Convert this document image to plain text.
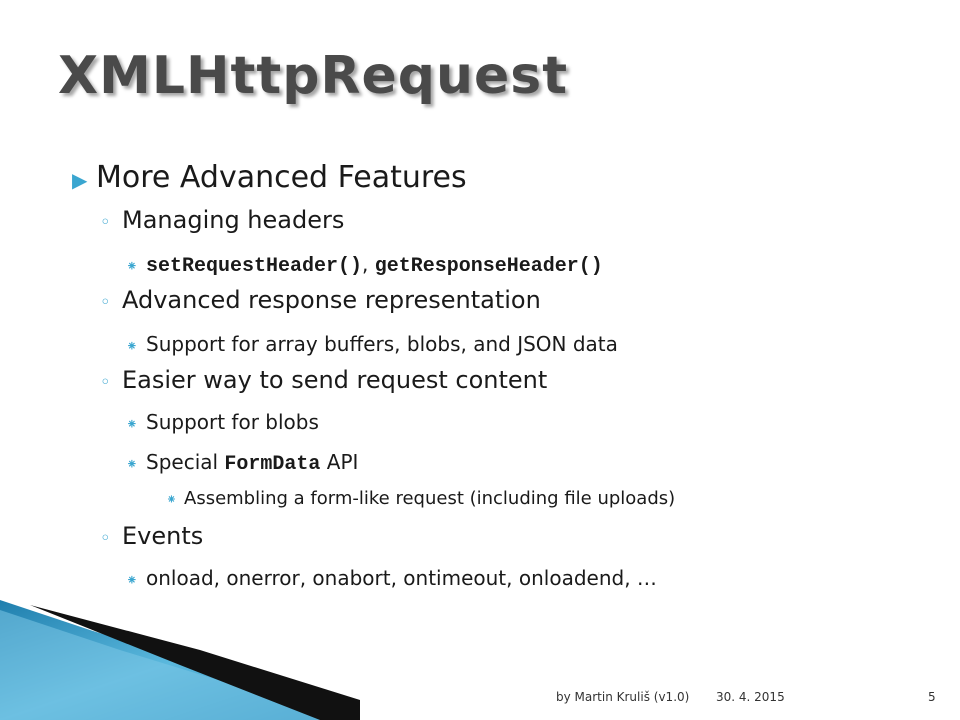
XMLHttpRequest
▶ More Advanced Features
◦ Managing headers
⁕ setRequestHeader() , getResponseHeader()
◦ Advanced response representation
⁕ Support for array buffers, blobs, and JSON data
◦ Easier way to send request content
⁕ Support for blobs
⁕ Special FormData API
⁕ Assembling a form-like request (including file uploads)
◦ Events
⁕ onload, onerror, onabort, ontimeout, onloadend, …
by Martin Kruliš (v1.0) 30. 4. 2015	5
